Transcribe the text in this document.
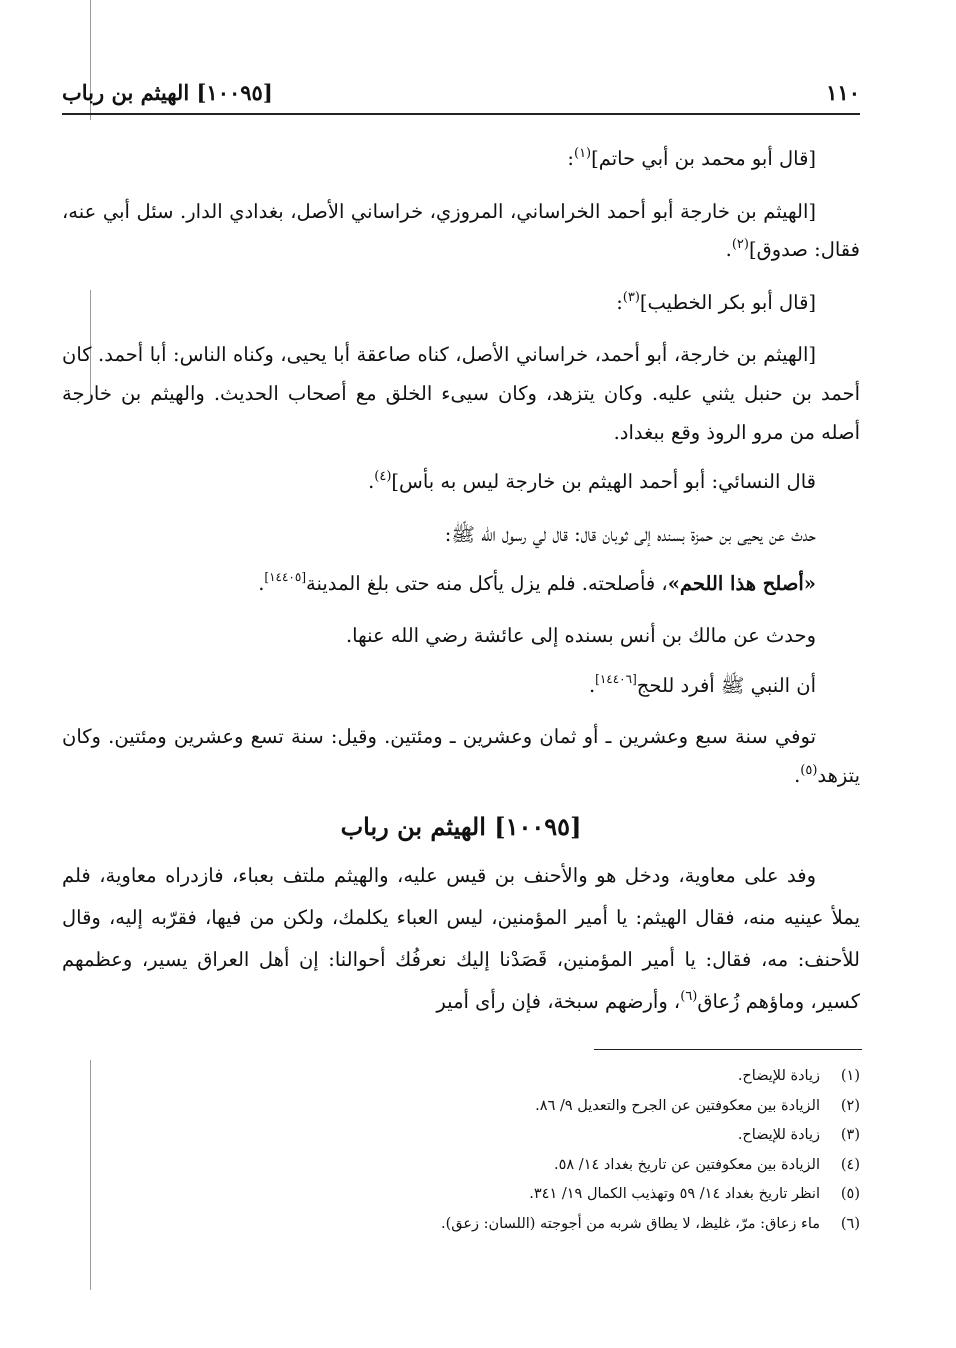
١١٠
[١٠٠٩٥] الهيثم بن رباب

[قال أبو محمد بن أبي حاتم]$^{(١)}$:

[الهيثم بن خارجة أبو أحمد الخراساني، المروزي، خراساني الأصل، بغدادي الدار. سئل أبي عنه، فقال: صدوق]$^{(٢)}$.

[قال أبو بكر الخطيب]$^{(٣)}$:

[الهيثم بن خارجة، أبو أحمد، خراساني الأصل، كناه صاعقة أبا يحيى، وكناه الناس: أبا أحمد. كان أحمد بن حنبل يثني عليه. وكان يتزهد، وكان سيىء الخلق مع أصحاب الحديث. والهيثم بن خارجة أصله من مرو الروذ وقع ببغداد.

قال النسائي: أبو أحمد الهيثم بن خارجة ليس به بأس]$^{(٤)}$.

حدث عن يحيى بن حمزة بسنده إلى ثوبان قال: قال لي رسول الله ﷺ:

«أصلح هذا اللحم»، فأصلحته. فلم يزل يأكل منه حتى بلغ المدينة[١٤٤٠٥].

وحدث عن مالك بن أنس بسنده إلى عائشة رضي الله عنها.

أن النبي ﷺ أفرد للحج[١٤٤٠٦].

توفي سنة سبع وعشرين ـ أو ثمان وعشرين ـ ومئتين. وقيل: سنة تسع وعشرين ومئتين. وكان يتزهد$^{(٥)}$.

[١٠٠٩٥] الهيثم بن رباب

وفد على معاوية، ودخل هو والأحنف بن قيس عليه، والهيثم ملتف بعباء، فازدراه معاوية، فلم يملأ عينيه منه، فقال الهيثم: يا أمير المؤمنين، ليس العباء يكلمك، ولكن من فيها، فقرّبه إليه، وقال للأحنف: مه، فقال: يا أمير المؤمنين، قَصَدْنا إليك نعرفُك أحوالنا: إن أهل العراق يسير، وعظمهم كسير، وماؤهم زُعاق$^{(٦)}$، وأرضهم سبخة، فإن رأى أمير

(١)
زيادة للإيضاح.
(٢)
الزيادة بين معكوفتين عن الجرح والتعديل ٩/ ٨٦.
(٣)
زيادة للإيضاح.
(٤)
الزيادة بين معكوفتين عن تاريخ بغداد ١٤/ ٥٨.
(٥)
انظر تاريخ بغداد ١٤/ ٥٩ وتهذيب الكمال ١٩/ ٣٤١.
(٦)
ماء زعاق: مرّ، غليظ، لا يطاق شربه من أجوجته (اللسان: زعق).
